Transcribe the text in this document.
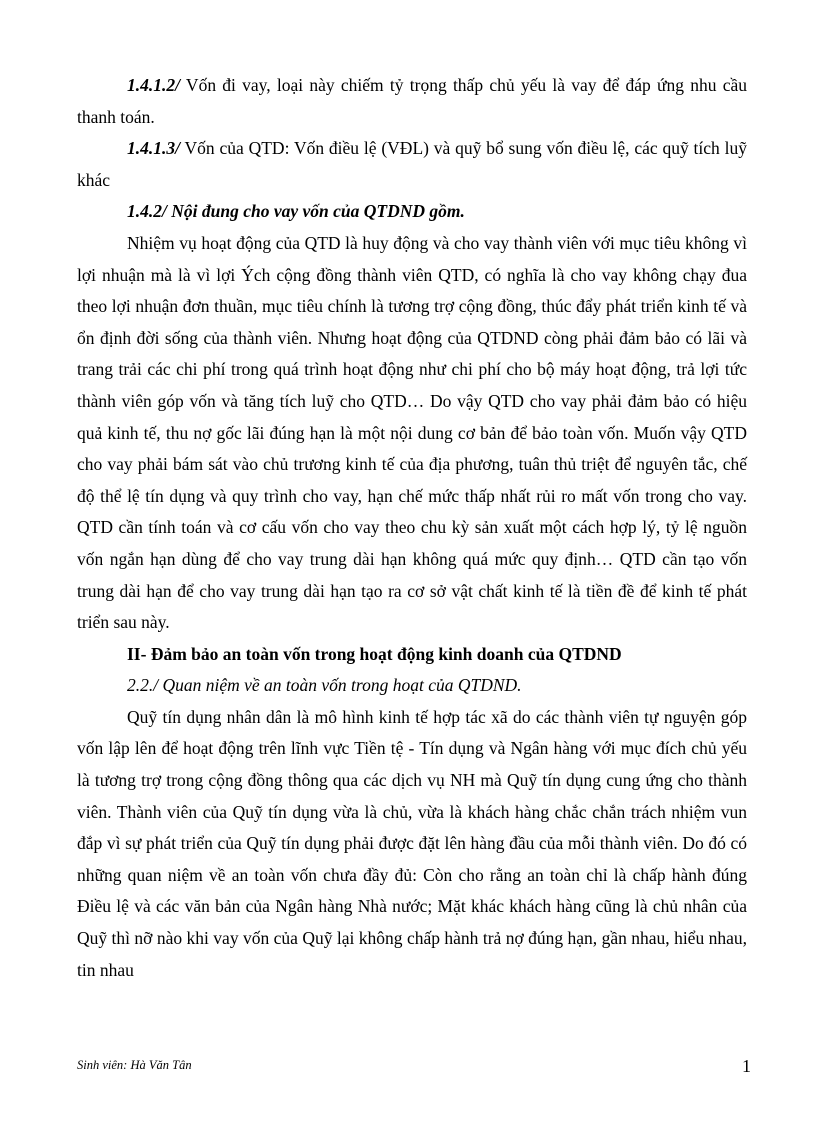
1.4.1.2/ Vốn đi vay, loại này chiếm tỷ trọng thấp chủ yếu là vay để đáp ứng nhu cầu thanh toán.

1.4.1.3/ Vốn của QTD: Vốn điều lệ (VĐL) và quỹ bổ sung vốn điều lệ, các quỹ tích luỹ khác

1.4.2/ Nội đung cho vay vốn của QTDND gồm.

Nhiệm vụ hoạt động của QTD là huy động và cho vay thành viên với mục tiêu không vì lợi nhuận mà là vì lợi Ých cộng đồng thành viên QTD, có nghĩa là cho vay không chạy đua theo lợi nhuận đơn thuần, mục tiêu chính là tương trợ cộng đồng, thúc đẩy phát triển kinh tế và ổn định đời sống của thành viên. Nhưng hoạt động của QTDND còng phải đảm bảo có lãi và trang trải các chi phí trong quá trình hoạt động như chi phí cho bộ máy hoạt động, trả lợi tức thành viên góp vốn và tăng tích luỹ cho QTD… Do vậy QTD cho vay phải đảm bảo có hiệu quả kinh tế, thu nợ gốc lãi đúng hạn là một nội dung cơ bản để bảo toàn vốn. Muốn vậy QTD cho vay phải bám sát vào chủ trương kinh tế của địa phương, tuân thủ triệt để nguyên tắc, chế độ thể lệ tín dụng và quy trình cho vay, hạn chế mức thấp nhất rủi ro mất vốn trong cho vay. QTD cần tính toán và cơ cấu vốn cho vay theo chu kỳ sản xuất một cách hợp lý, tỷ lệ nguồn vốn ngắn hạn dùng để cho vay trung dài hạn không quá mức quy định… QTD cần tạo vốn trung dài hạn để cho vay trung dài hạn tạo ra cơ sở vật chất kinh tế là tiền đề để kinh tế phát triển sau này.

II- Đảm bảo an toàn vốn trong hoạt động kinh doanh của QTDND

2.2./ Quan niệm về an toàn vốn trong hoạt của QTDND.

Quỹ tín dụng nhân dân là mô hình kinh tế hợp tác xã do các thành viên tự nguyện góp vốn lập lên để hoạt động trên lĩnh vực Tiền tệ - Tín dụng và Ngân hàng với mục đích chủ yếu là tương trợ trong cộng đồng thông qua các dịch vụ NH mà Quỹ tín dụng cung ứng cho thành viên. Thành viên của Quỹ tín dụng vừa là chủ, vừa là khách hàng chắc chắn trách nhiệm vun đắp vì sự phát triển của Quỹ tín dụng phải được đặt lên hàng đầu của mỗi thành viên. Do đó có những quan niệm về an toàn vốn chưa đầy đủ: Còn cho rằng an toàn chỉ là chấp hành đúng Điều lệ và các văn bản của Ngân hàng Nhà nước; Mặt khác khách hàng cũng là chủ nhân của Quỹ thì nỡ nào khi vay vốn của Quỹ lại không chấp hành trả nợ đúng hạn, gần nhau, hiểu nhau, tin nhau

Sinh viên: Hà Văn Tân	1
